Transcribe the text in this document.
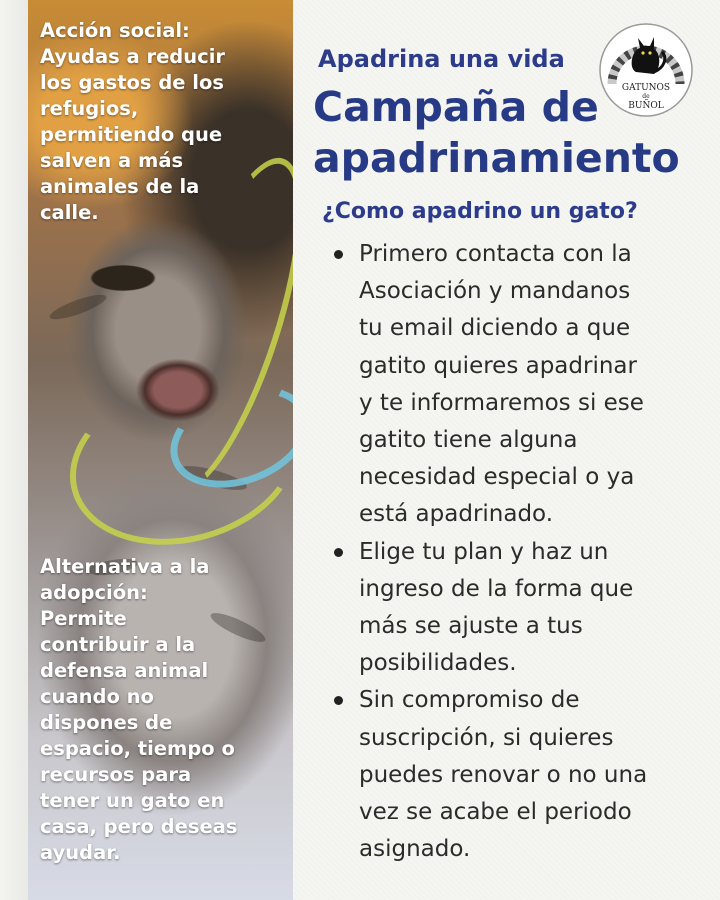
Acción social:
Ayudas a reducir
los gastos de los
refugios,
permitiendo que
salven a más
animales de la
calle.

Alternativa a la
adopción:
Permite
contribuir a la
defensa animal
cuando no
dispones de
espacio, tiempo o
recursos para
tener un gato en
casa, pero deseas
ayudar.

Apadrina una vida
Campaña de
apadrinamiento
GATUNOS
de
BUÑOL
¿Como apadrino un gato?
Primero contacta con la
Asociación y mandanos
tu email diciendo a que
gatito quieres apadrinar
y te informaremos si ese
gatito tiene alguna
necesidad especial o ya
está apadrinado.
Elige tu plan y haz un
ingreso de la forma que
más se ajuste a tus
posibilidades.
Sin compromiso de
suscripción, si quieres
puedes renovar o no una
vez se acabe el periodo
asignado.
